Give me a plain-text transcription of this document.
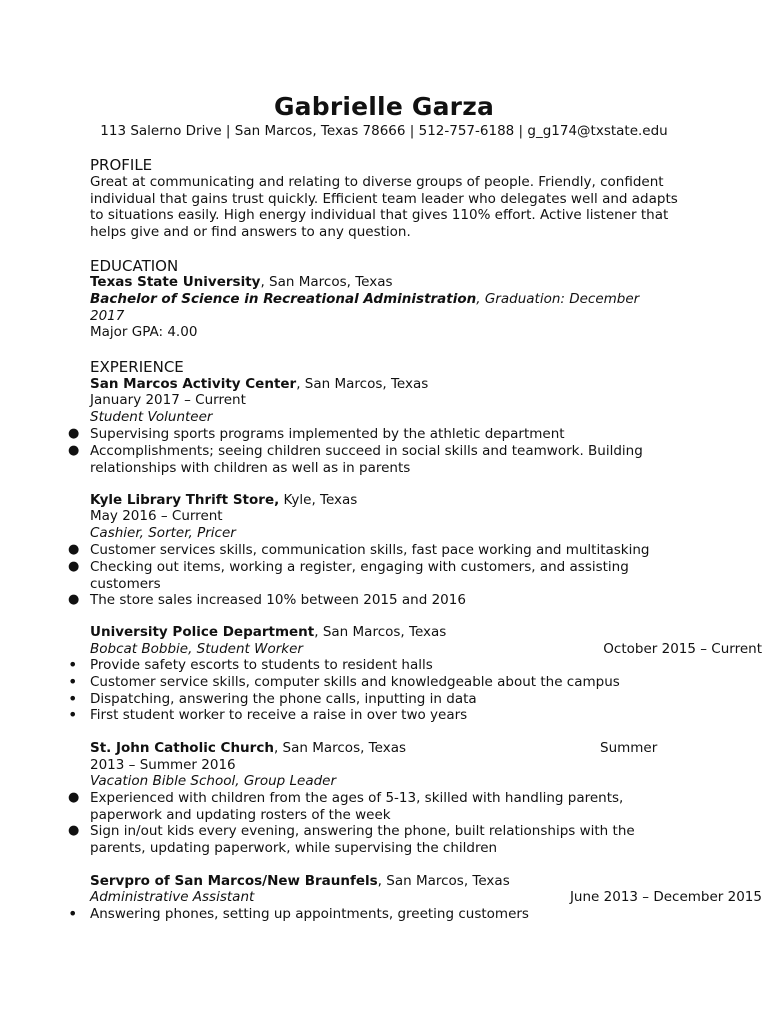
Gabrielle Garza
113 Salerno Drive | San Marcos, Texas 78666 | 512-757-6188 | g_g174@txstate.edu
PROFILE
Great at communicating and relating to diverse groups of people. Friendly, confident individual that gains trust quickly. Efficient team leader who delegates well and adapts to situations easily. High energy individual that gives 110% effort. Active listener that helps give and or find answers to any question.
EDUCATION
Texas State University, San Marcos, Texas
Bachelor of Science in Recreational Administration, Graduation: December 2017
Major GPA: 4.00
EXPERIENCE
San Marcos Activity Center, San Marcos, Texas
January 2017 – Current
Student Volunteer
●
Supervising sports programs implemented by the athletic department
●
Accomplishments; seeing children succeed in social skills and teamwork. Building relationships with children as well as in parents
Kyle Library Thrift Store, Kyle, Texas
May 2016 – Current
Cashier, Sorter, Pricer
●
Customer services skills, communication skills, fast pace working and multitasking
●
Checking out items, working a register, engaging with customers, and assisting customers
●
The store sales increased 10% between 2015 and 2016
University Police Department, San Marcos, Texas
Bobcat Bobbie, Student Worker	October 2015 – Current
•
Provide safety escorts to students to resident halls
•
Customer service skills, computer skills and knowledgeable about the campus
•
Dispatching, answering the phone calls, inputting in data
•
First student worker to receive a raise in over two years
St. John Catholic Church, San Marcos, Texas	Summer
2013 – Summer 2016
Vacation Bible School, Group Leader
●
Experienced with children from the ages of 5-13, skilled with handling parents, paperwork and updating rosters of the week
●
Sign in/out kids every evening, answering the phone, built relationships with the parents, updating paperwork, while supervising the children
Servpro of San Marcos/New Braunfels, San Marcos, Texas
Administrative Assistant	June 2013 – December 2015
•
Answering phones, setting up appointments, greeting customers
